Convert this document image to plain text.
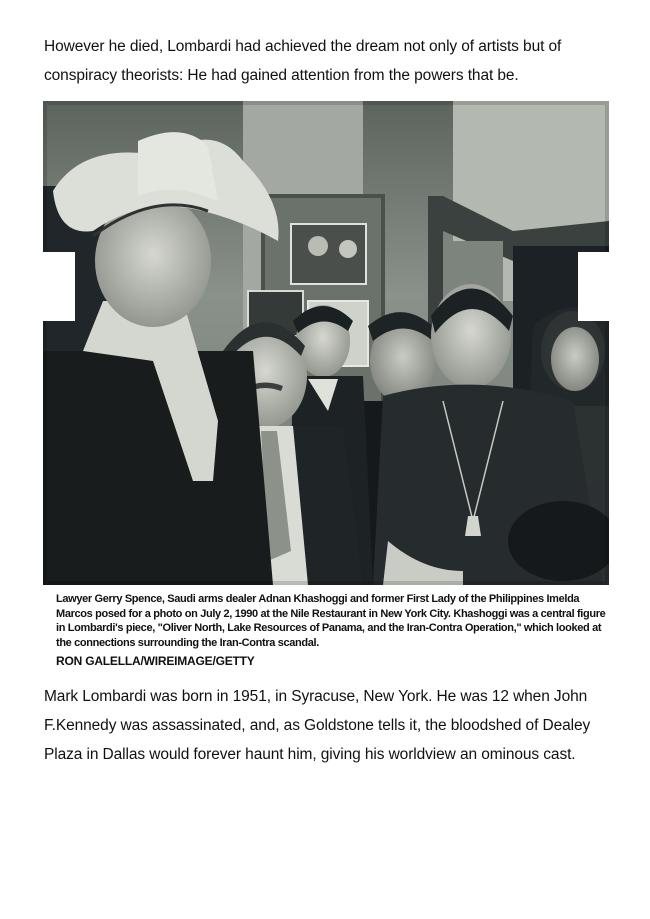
However he died, Lombardi had achieved the dream not only of artists but of conspiracy theorists: He had gained attention from the powers that be.

Lawyer Gerry Spence, Saudi arms dealer Adnan Khashoggi and former First Lady of the Philippines Imelda Marcos posed for a photo on July 2, 1990 at the Nile Restaurant in New York City. Khashoggi was a central figure in Lombardi's piece, "Oliver North, Lake Resources of Panama, and the Iran-Contra Operation," which looked at the connections surrounding the Iran-Contra scandal.
RON GALELLA/WIREIMAGE/GETTY

Mark Lombardi was born in 1951, in Syracuse, New York. He was 12 when John F.Kennedy was assassinated, and, as Goldstone tells it, the bloodshed of Dealey Plaza in Dallas would forever haunt him, giving his worldview an ominous cast.
